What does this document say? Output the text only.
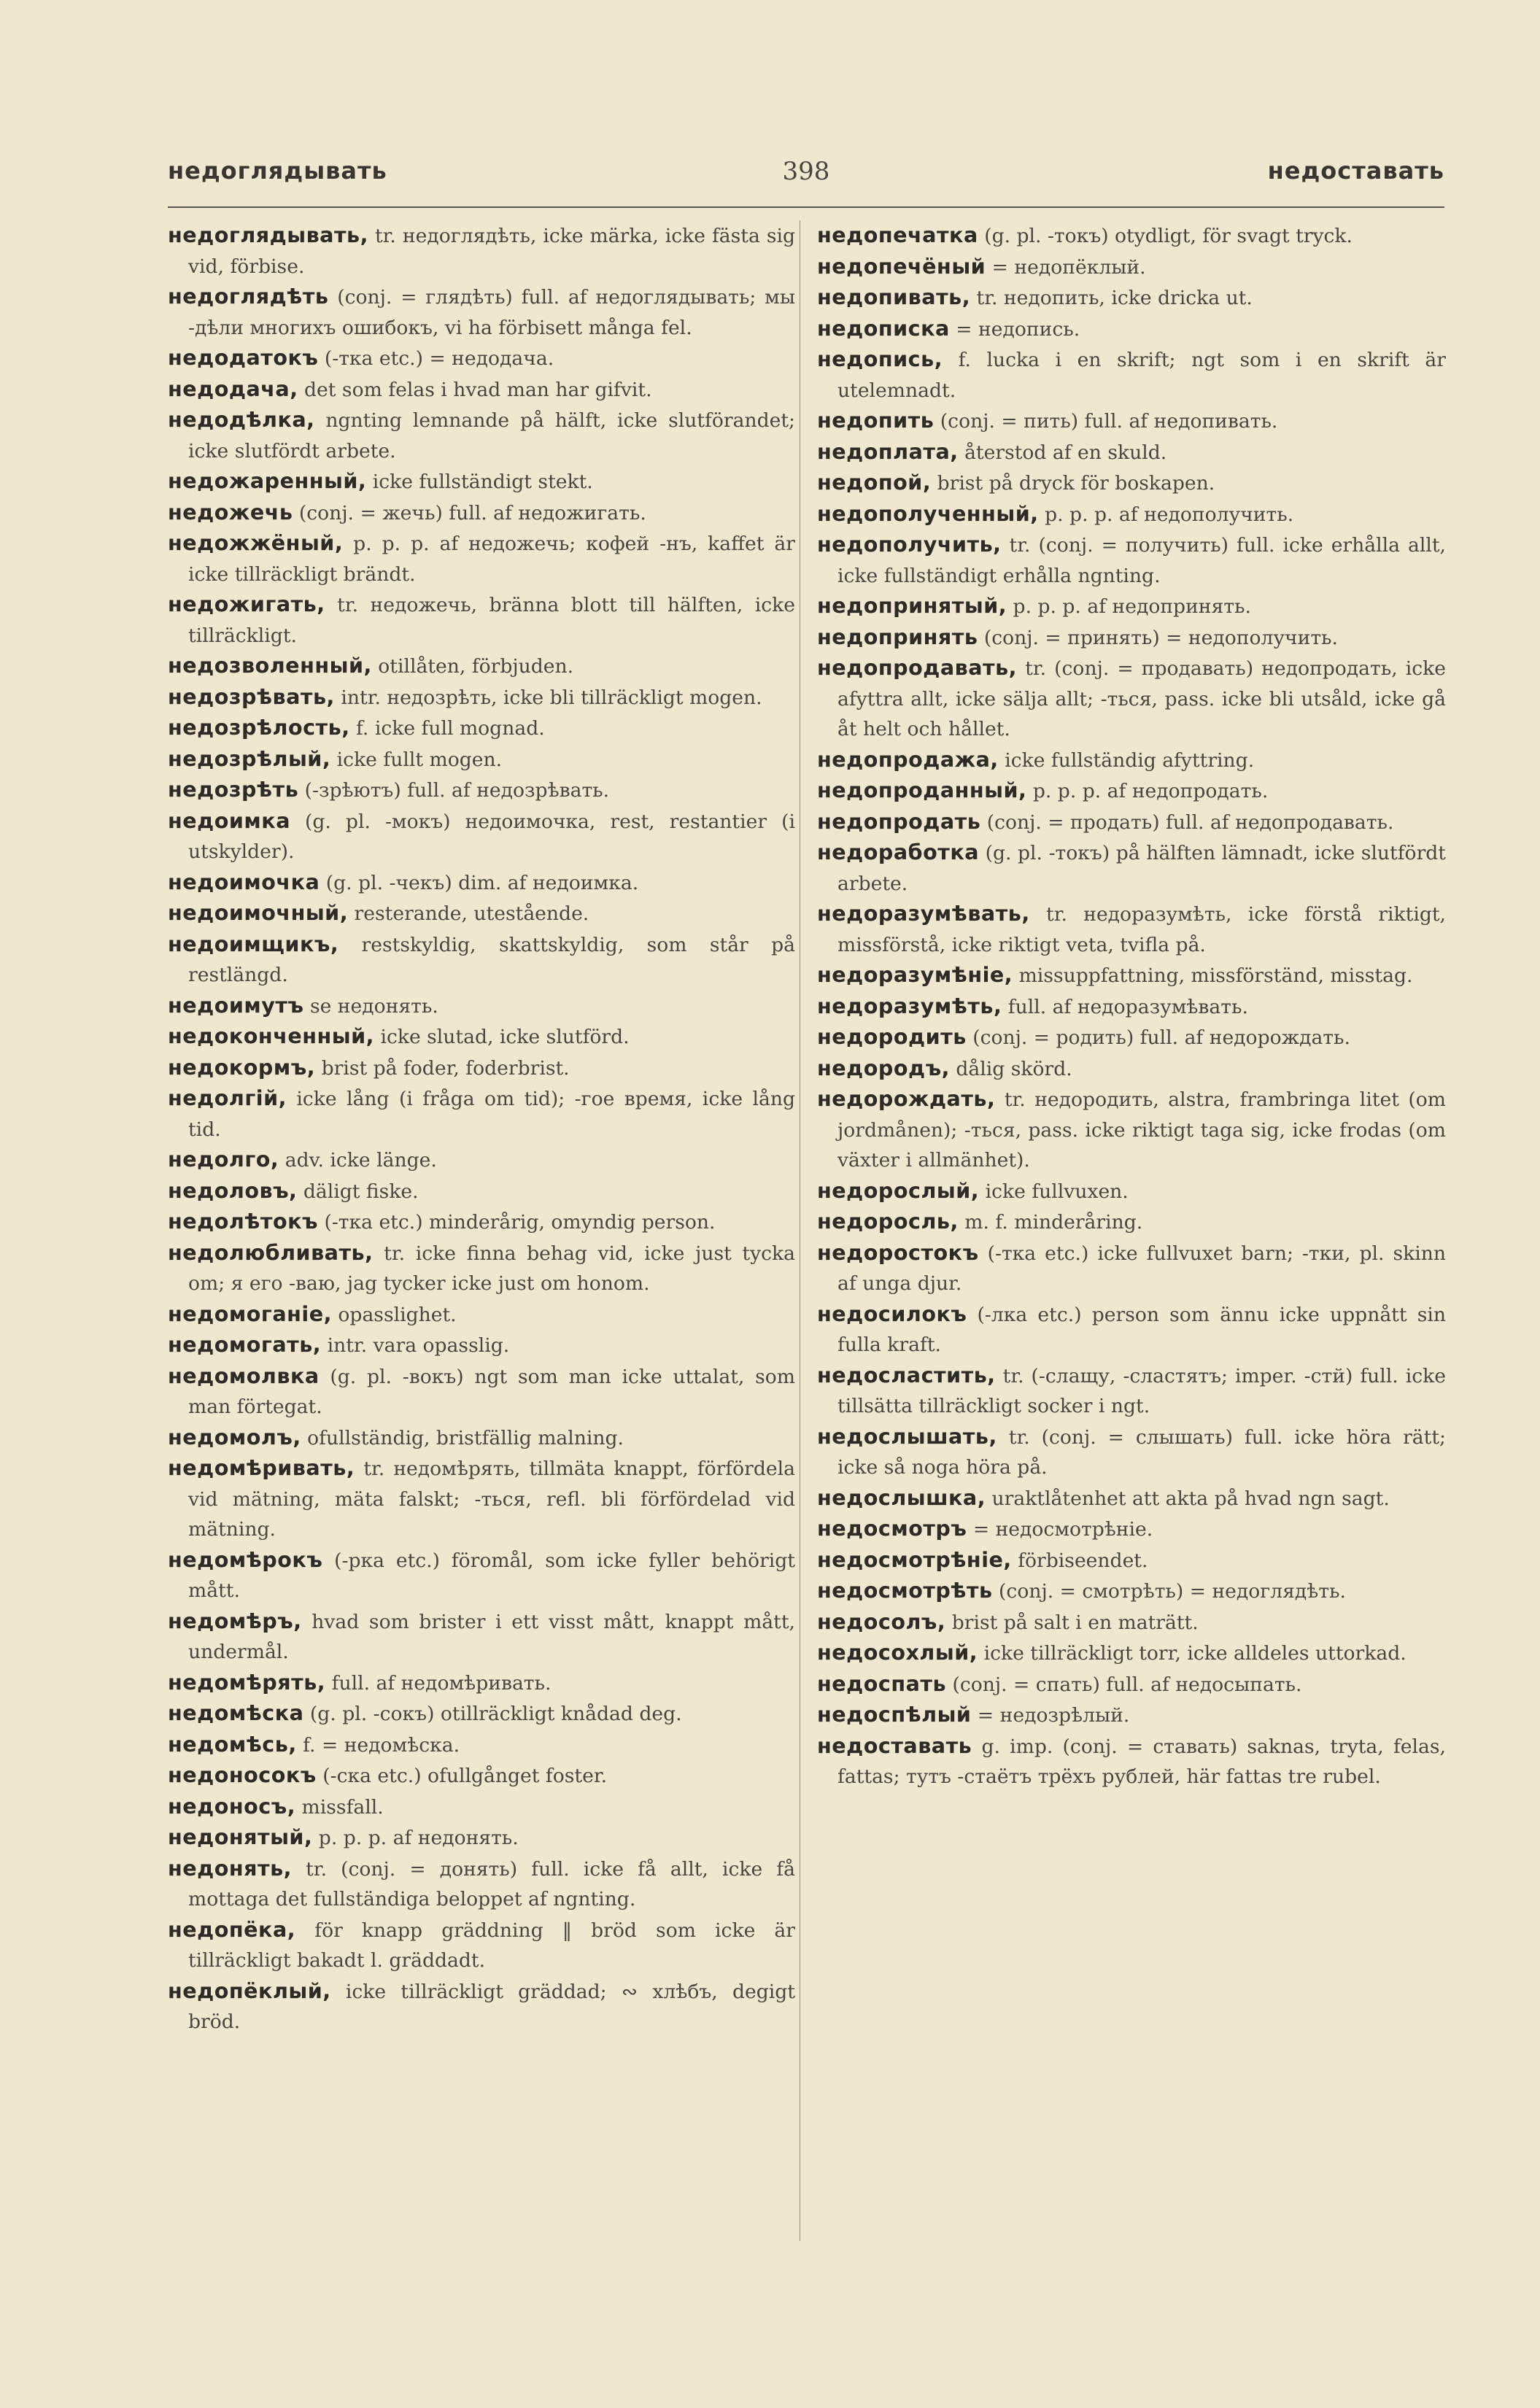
недоглядывать	398	недоставать
недоглядывать, tr. недоглядѣть, icke märka, icke fästa sig vid, förbise.
недоглядѣть (conj. = глядѣть) full. af недоглядывать; мы -дѣли многихъ ошибокъ, vi ha förbisett många fel.
недодатокъ (-тка etc.) = недодача.
недодача, det som felas i hvad man har gifvit.
недодѣлка, ngnting lemnande på hälft, icke slutförandet; icke slutfördt arbete.
недожаренный, icke fullständigt stekt.
недожечь (conj. = жечь) full. af недожигать.
недожжёный, p. p. p. af недожечь; кофей -нъ, kaffet är icke tillräckligt brändt.
недожигать, tr. недожечь, bränna blott till hälften, icke tillräckligt.
недозволенный, otillåten, förbjuden.
недозрѣвать, intr. недозрѣть, icke bli tillräckligt mogen.
недозрѣлость, f. icke full mognad.
недозрѣлый, icke fullt mogen.
недозрѣть (-зрѣютъ) full. af недозрѣвать.
недоимка (g. pl. -мокъ) недоимочка, rest, restantier (i utskylder).
недоимочка (g. pl. -чекъ) dim. af недоимка.
недоимочный, resterande, utestående.
недоимщикъ, restskyldig, skattskyldig, som står på restlängd.
недоимутъ se недонять.
недоконченный, icke slutad, icke slutförd.
недокормъ, brist på foder, foderbrist.
недолгій, icke lång (i fråga om tid); -гое время, icke lång tid.
недолго, adv. icke länge.
недоловъ, däligt fiske.
недолѣтокъ (-тка etc.) minderårig, omyndig person.
недолюбливать, tr. icke finna behag vid, icke just tycka om; я его -ваю, jag tycker icke just om honom.
недомоганіе, opasslighet.
недомогать, intr. vara opasslig.
недомолвка (g. pl. -вокъ) ngt som man icke uttalat, som man förtegat.
недомолъ, ofullständig, bristfällig malning.
недомѣривать, tr. недомѣрять, tillmäta knappt, förfördela vid mätning, mäta falskt; -ться, refl. bli förfördelad vid mätning.
недомѣрокъ (-рка etc.) föromål, som icke fyller behörigt mått.
недомѣръ, hvad som brister i ett visst mått, knappt mått, undermål.
недомѣрять, full. af недомѣривать.
недомѣска (g. pl. -сокъ) otillräckligt knådad deg.
недомѣсь, f. = недомѣска.
недоносокъ (-ска etc.) ofullgånget foster.
недоносъ, missfall.
недонятый, p. p. p. af недонять.
недонять, tr. (conj. = донять) full. icke få allt, icke få mottaga det fullständiga beloppet af ngnting.
недопёка, för knapp gräddning ‖ bröd som icke är tillräckligt bakadt l. gräddadt.
недопёклый, icke tillräckligt gräddad; ∾ хлѣбъ, degigt bröd.
недопечатка (g. pl. -токъ) otydligt, för svagt tryck.
недопечёный = недопёклый.
недопивать, tr. недопить, icke dricka ut.
недописка = недопись.
недопись, f. lucka i en skrift; ngt som i en skrift är utelemnadt.
недопить (conj. = пить) full. af недопивать.
недоплата, återstod af en skuld.
недопой, brist på dryck för boskapen.
недополученный, p. p. p. af недополучить.
недополучить, tr. (conj. = получить) full. icke erhålla allt, icke fullständigt erhålla ngnting.
недопринятый, p. p. p. af недопринять.
недопринять (conj. = принять) = недополучить.
недопродавать, tr. (conj. = продавать) недопродать, icke afyttra allt, icke sälja allt; -ться, pass. icke bli utsåld, icke gå åt helt och hållet.
недопродажа, icke fullständig afyttring.
недопроданный, p. p. p. af недопродать.
недопродать (conj. = продать) full. af недопродавать.
недоработка (g. pl. -токъ) på hälften lämnadt, icke slutfördt arbete.
недоразумѣвать, tr. недоразумѣть, icke förstå riktigt, missförstå, icke riktigt veta, tvifla på.
недоразумѣніе, missuppfattning, missförständ, misstag.
недоразумѣть, full. af недоразумѣвать.
недородить (conj. = родить) full. af недорождать.
недородъ, dålig skörd.
недорождать, tr. недородить, alstra, frambringa litet (om jordmånen); -ться, pass. icke riktigt taga sig, icke frodas (om växter i allmänhet).
недорослый, icke fullvuxen.
недоросль, m. f. minderåring.
недоростокъ (-тка etc.) icke fullvuxet barn; -тки, pl. skinn af unga djur.
недосилокъ (-лка etc.) person som ännu icke uppnått sin fulla kraft.
недосластить, tr. (-слащу, -сластятъ; imper. -стй) full. icke tillsätta tillräckligt socker i ngt.
недослышать, tr. (conj. = слышать) full. icke höra rätt; icke så noga höra på.
недослышка, uraktlåtenhet att akta på hvad ngn sagt.
недосмотръ = недосмотрѣніе.
недосмотрѣніе, förbiseendet.
недосмотрѣть (conj. = смотрѣть) = недоглядѣть.
недосолъ, brist på salt i en maträtt.
недосохлый, icke tillräckligt torr, icke alldeles uttorkad.
недоспать (conj. = спать) full. af недосыпать.
недоспѣлый = недозрѣлый.
недоставать g. imp. (conj. = ставать) saknas, tryta, felas, fattas; тутъ -стаётъ трёхъ рублей, här fattas tre rubel.
